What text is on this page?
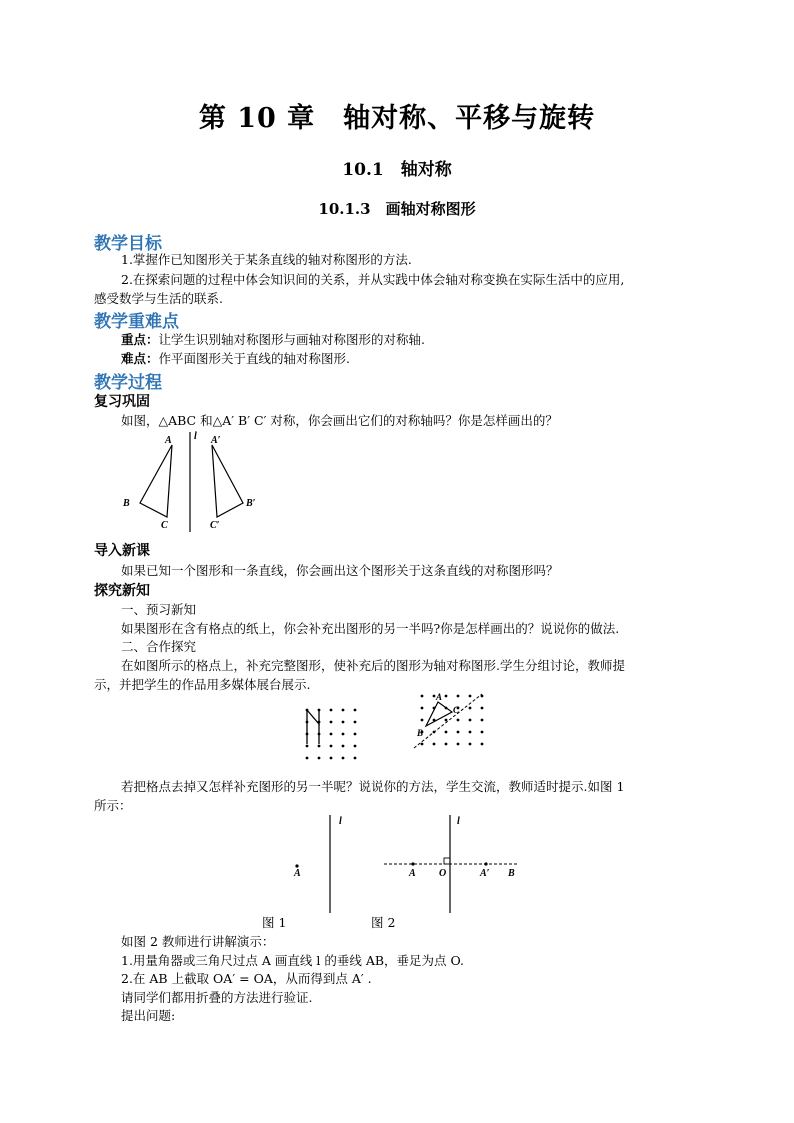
第 10 章　轴对称、平移与旋转
10.1　轴对称
10.1.3　画轴对称图形
教学目标
1.掌握作已知图形关于某条直线的轴对称图形的方法.
2.在探索问题的过程中体会知识间的关系，并从实践中体会轴对称变换在实际生活中的应用,
感受数学与生活的联系.
教学重难点
重点：让学生识别轴对称图形与画轴对称图形的对称轴.
难点：作平面图形关于直线的轴对称图形.
教学过程
复习巩固
如图，△ABC 和△A′ B′ C′ 对称，你会画出它们的对称轴吗？你是怎样画出的？
A
B
C
l A′
B′
C′
导入新课
如果已知一个图形和一条直线，你会画出这个图形关于这条直线的对称图形吗？
探究新知
一、预习新知
如果图形在含有格点的纸上，你会补充出图形的另一半吗?你是怎样画出的？说说你的做法.
二、合作探究
在如图所示的格点上，补充完整图形，使补充后的图形为轴对称图形.学生分组讨论，教师提
示，并把学生的作品用多媒体展台展示.
A
B
C
若把格点去掉又怎样补充图形的另一半呢？说说你的方法，学生交流，教师适时提示.如图 1
所示：
A
l	l
A O	A′ B
图 1	图 2
如图 2 教师进行讲解演示：
1.用量角器或三角尺过点 A 画直线 l 的垂线 AB，垂足为点 O.
2.在 AB 上截取 OA′ = OA，从而得到点 A′ .
请同学们都用折叠的方法进行验证.
提出问题:
